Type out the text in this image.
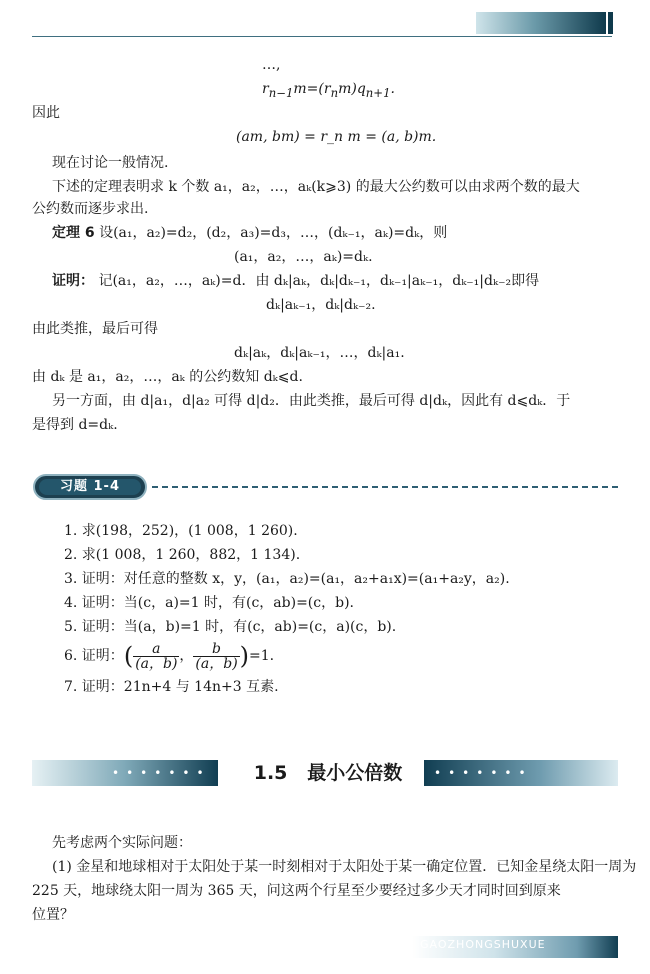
…,
$r_{n-1}m=(r_nm)q_{n+1}$.
因此
(am, bm) = r_n m = (a, b)m.
现在讨论一般情况.
下述的定理表明求 k 个数 a₁，a₂，…，aₖ(k⩾3) 的最大公约数可以由求两个数的最大
公约数而逐步求出.
定理 6 设(a₁，a₂)=d₂，(d₂，a₃)=d₃，…，(dₖ₋₁，aₖ)=dₖ，则
(a₁，a₂，…，aₖ)=dₖ.
证明： 记(a₁，a₂，…，aₖ)=d．由 dₖ|aₖ，dₖ|dₖ₋₁，dₖ₋₁|aₖ₋₁，dₖ₋₁|dₖ₋₂即得
dₖ|aₖ₋₁，dₖ|dₖ₋₂.
由此类推，最后可得
dₖ|aₖ，dₖ|aₖ₋₁，…，dₖ|a₁.
由 dₖ 是 a₁，a₂，…，aₖ 的公约数知 dₖ⩽d.
另一方面，由 d|a₁，d|a₂ 可得 d|d₂．由此类推，最后可得 d|dₖ，因此有 d⩽dₖ．于
是得到 d=dₖ.
习题 1-4
1. 求(198，252)，(1 008，1 260).
2. 求(1 008，1 260，882，1 134).
3. 证明：对任意的整数 x，y，(a₁，a₂)=(a₁，a₂+a₁x)=(a₁+a₂y，a₂).
4. 证明：当(c，a)=1 时，有(c，ab)=(c，b).
5. 证明：当(a，b)=1 时，有(c，ab)=(c，a)(c，b).
6. 证明：( $\frac{a}{(a,b)}$ ， $\frac{b}{(a,b)} )=1$.
7. 证明：21n+4 与 14n+3 互素.
•••••••	1.5 最小公倍数	•••••••
先考虑两个实际问题：
(1) 金星和地球相对于太阳处于某一时刻相对于太阳处于某一确定位置．已知金星绕太阳一周为
225 天，地球绕太阳一周为 365 天，问这两个行星至少要经过多少天才同时回到原来
位置？
GAOZHONGSHUXUE
